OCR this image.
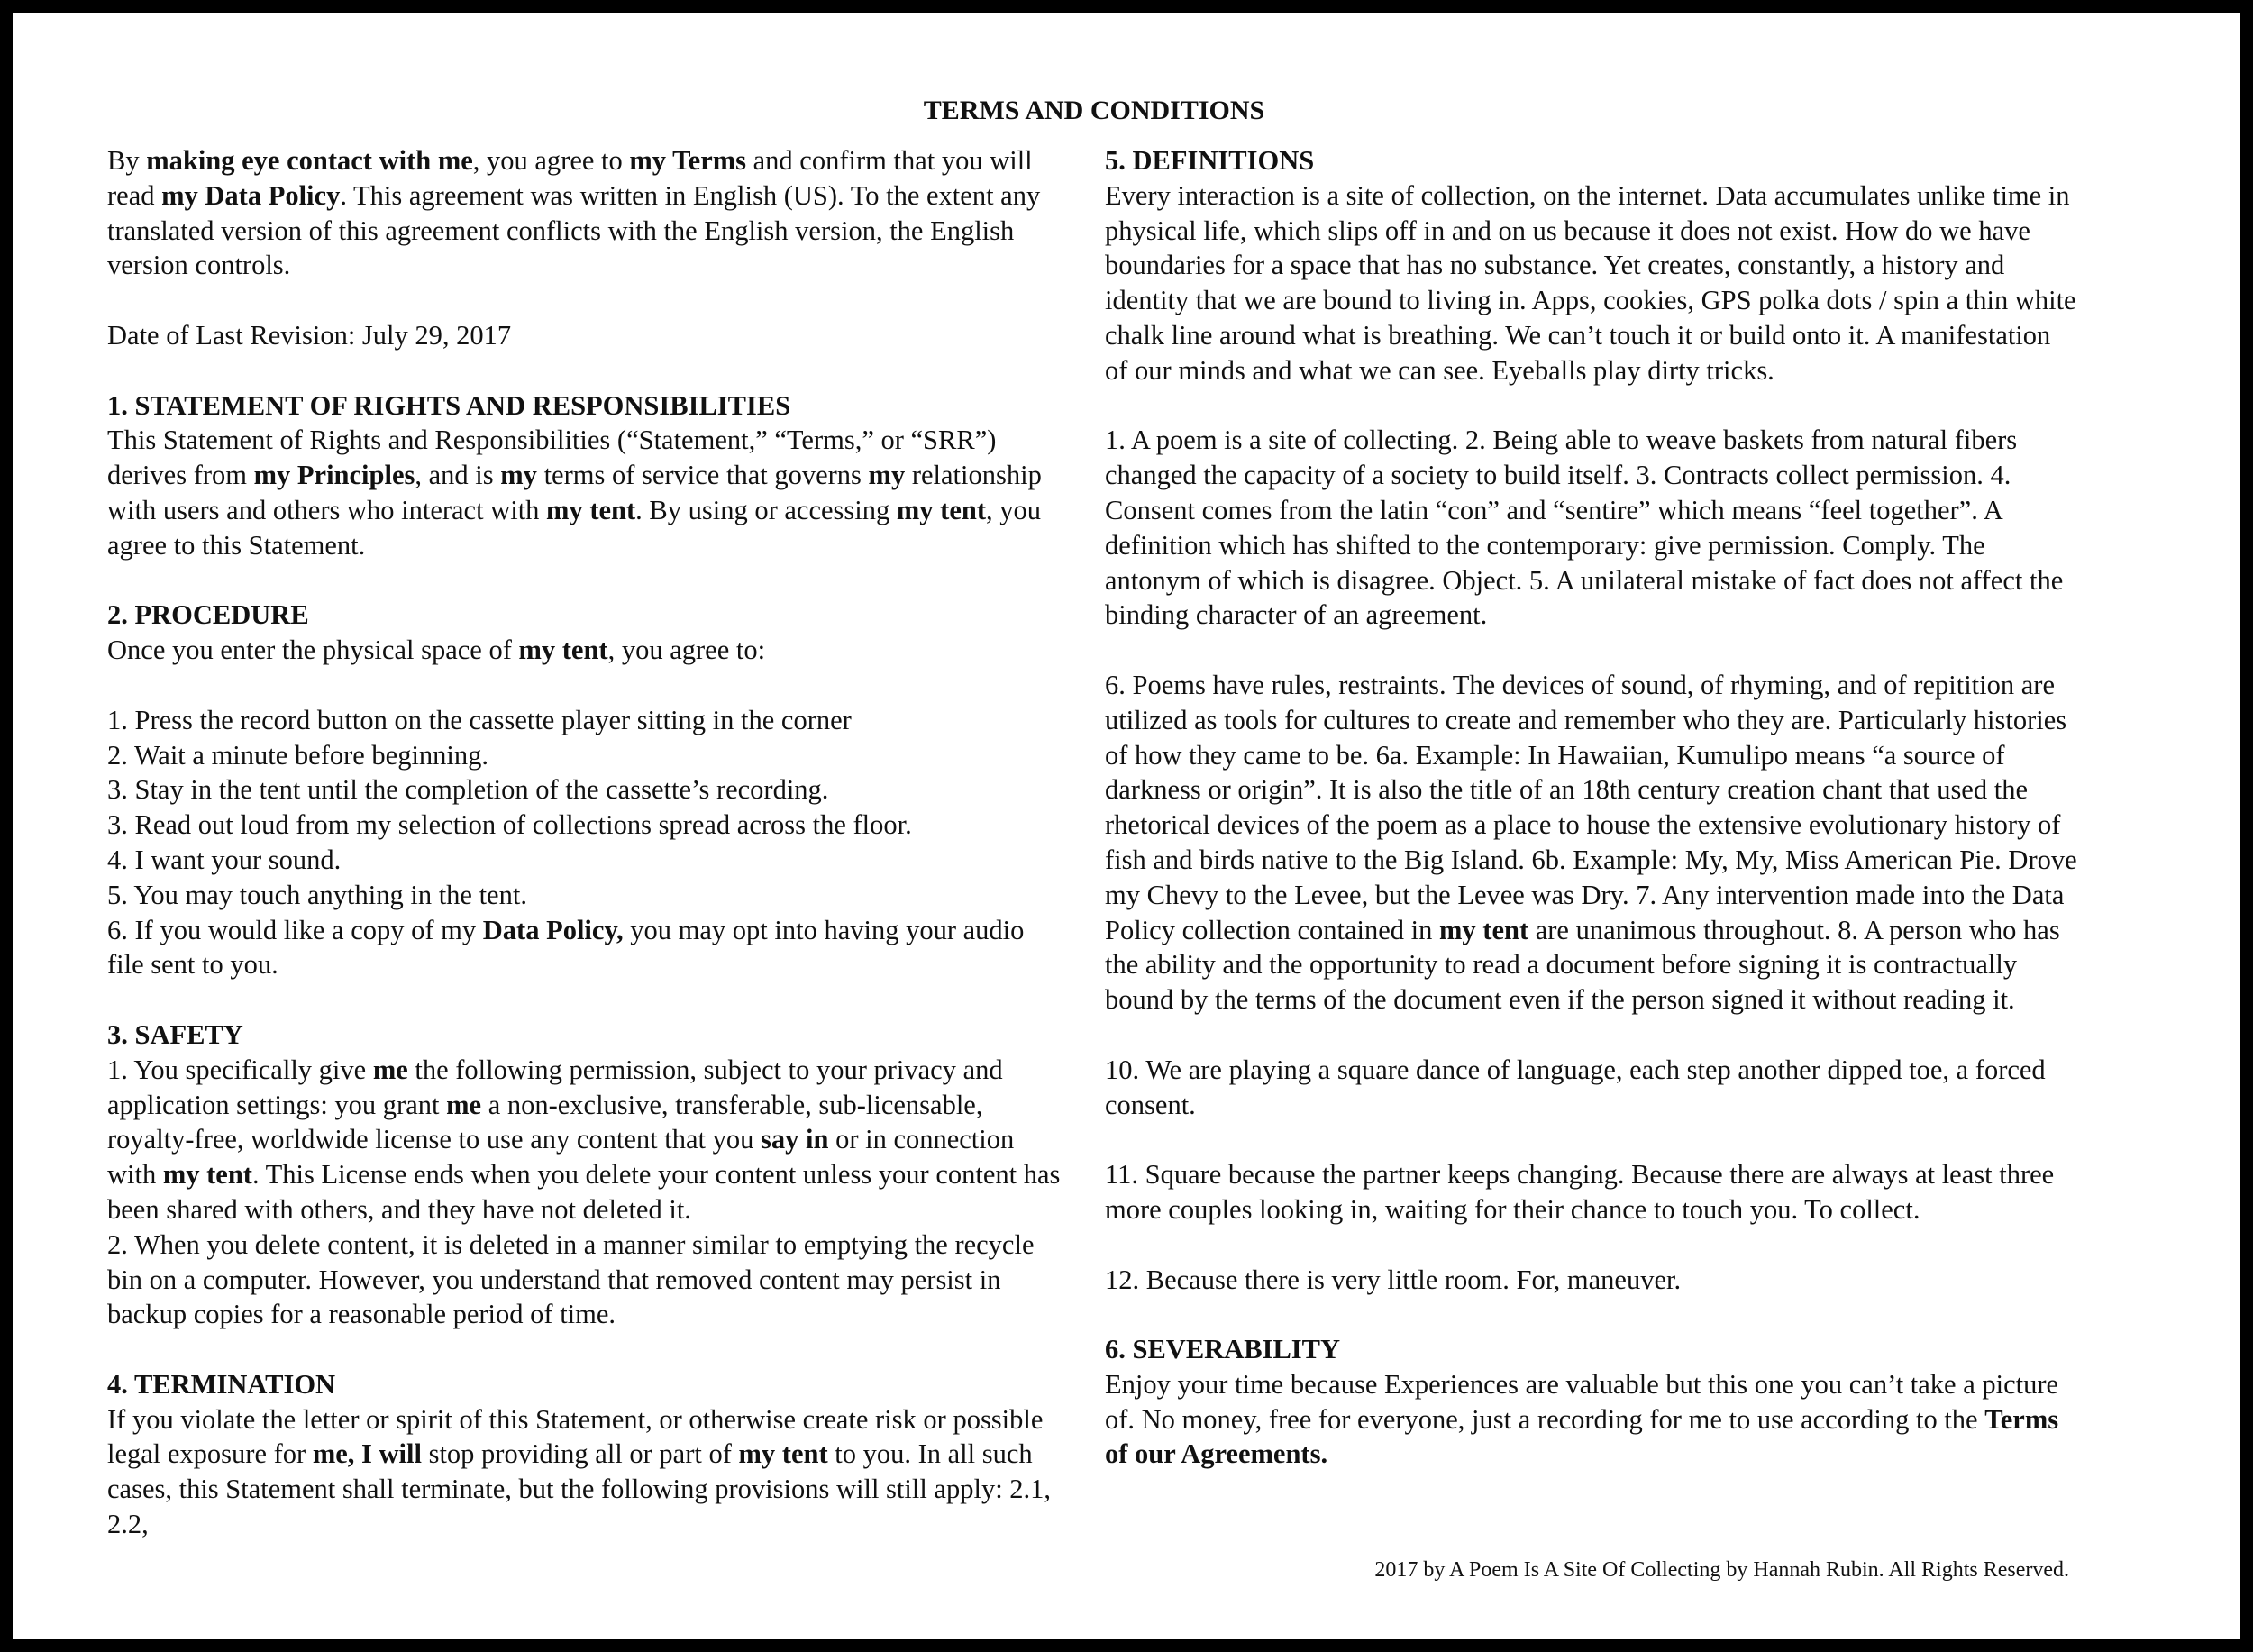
TERMS AND CONDITIONS

By making eye contact with me, you agree to my Terms and confirm that you will read my Data Policy. This agreement was written in English (US). To the extent any translated version of this agreement conflicts with the English version, the English version controls.

Date of Last Revision: July 29, 2017

1. STATEMENT OF RIGHTS AND RESPONSIBILITIES

This Statement of Rights and Responsibilities (“Statement,” “Terms,” or “SRR”) derives from my Principles, and is my terms of service that governs my relationship with users and others who interact with my tent. By using or accessing my tent, you agree to this Statement.

2. PROCEDURE

Once you enter the physical space of my tent, you agree to:

1. Press the record button on the cassette player sitting in the corner

2. Wait a minute before beginning.

3. Stay in the tent until the completion of the cassette’s recording.

3. Read out loud from my selection of collections spread across the floor.

4. I want your sound.

5. You may touch anything in the tent.

6. If you would like a copy of my Data Policy, you may opt into having your audio file sent to you.

3. SAFETY

1. You specifically give me the following permission, subject to your privacy and application settings: you grant me a non-exclusive, transferable, sub-licensable, royalty-free, worldwide license to use any content that you say in or in connection with my tent. This License ends when you delete your content unless your content has been shared with others, and they have not deleted it.

2. When you delete content, it is deleted in a manner similar to emptying the recycle bin on a computer. However, you understand that removed content may persist in backup copies for a reasonable period of time.

4. TERMINATION

If you violate the letter or spirit of this Statement, or otherwise create risk or possible legal exposure for me, I will stop providing all or part of my tent to you. In all such cases, this Statement shall terminate, but the following provisions will still apply: 2.1, 2.2,

5. DEFINITIONS

Every interaction is a site of collection, on the internet. Data accumulates unlike time in physical life, which slips off in and on us because it does not exist. How do we have boundaries for a space that has no substance. Yet creates, constantly, a history and identity that we are bound to living in. Apps, cookies, GPS polka dots / spin a thin white chalk line around what is breathing. We can’t touch it or build onto it. A manifestation of our minds and what we can see. Eyeballs play dirty tricks.

1. A poem is a site of collecting. 2. Being able to weave baskets from natural fibers changed the capacity of a society to build itself. 3. Contracts collect permission. 4. Consent comes from the latin “con” and “sentire” which means “feel together”. A definition which has shifted to the contemporary: give permission. Comply. The antonym of which is disagree. Object. 5. A unilateral mistake of fact does not affect the binding character of an agreement.

6. Poems have rules, restraints. The devices of sound, of rhyming, and of repitition are utilized as tools for cultures to create and remember who they are. Particularly histories of how they came to be. 6a. Example: In Hawaiian, Kumulipo means “a source of darkness or origin”. It is also the title of an 18th century creation chant that used the rhetorical devices of the poem as a place to house the extensive evolutionary history of fish and birds native to the Big Island. 6b. Example: My, My, Miss American Pie. Drove my Chevy to the Levee, but the Levee was Dry. 7. Any intervention made into the Data Policy collection contained in my tent are unanimous throughout. 8. A person who has the ability and the opportunity to read a document before signing it is contractually bound by the terms of the document even if the person signed it without reading it.

10. We are playing a square dance of language, each step another dipped toe, a forced consent.

11. Square because the partner keeps changing. Because there are always at least three more couples looking in, waiting for their chance to touch you. To collect.

12. Because there is very little room. For, maneuver.

6. SEVERABILITY

Enjoy your time because Experiences are valuable but this one you can’t take a picture of. No money, free for everyone, just a recording for me to use according to the Terms of our Agreements.

2017 by A Poem Is A Site Of Collecting by Hannah Rubin. All Rights Reserved.
